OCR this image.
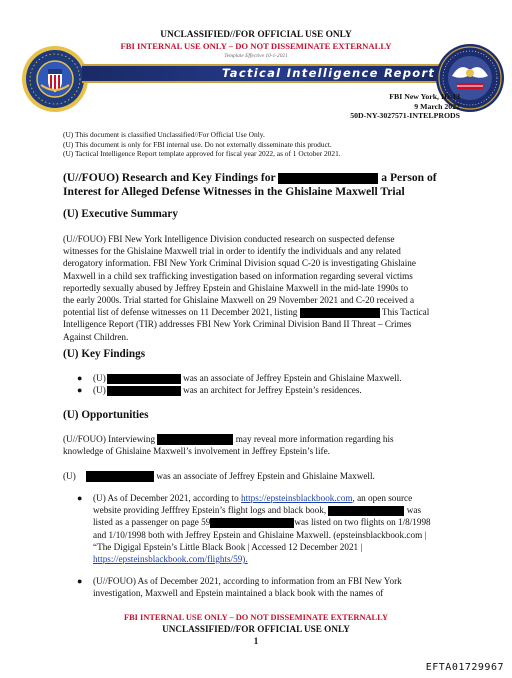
UNCLASSIFIED//FOR OFFICIAL USE ONLY
FBI INTERNAL USE ONLY – DO NOT DISSEMINATE EXTERNALLY
Template Effective 10-1-2021
Tactical Intelligence Report
FBI New York, ID-13
9 March 2022
50D-NY-3027571-INTELPRODS
(U) This document is classified Unclassified//For Official Use Only.
(U) This document is only for FBI internal use. Do not externally disseminate this product.
(U) Tactical Intelligence Report template approved for fiscal year 2022, as of 1 October 2021.
(U//FOUO) Research and Key Findings for	a Person of
Interest for Alleged Defense Witnesses in the Ghislaine Maxwell Trial
(U) Executive Summary
(U//FOUO) FBI New York Intelligence Division conducted research on suspected defense
witnesses for the Ghislaine Maxwell trial in order to identify the individuals and any related
derogatory information. FBI New York Criminal Division squad C-20 is investigating Ghislaine
Maxwell in a child sex trafficking investigation based on information regarding several victims
reportedly sexually abused by Jeffrey Epstein and Ghislaine Maxwell in the mid-late 1990s to
the early 2000s. Trial started for Ghislaine Maxwell on 29 November 2021 and C-20 received a
potential list of defense witnesses on 11 December 2021, listing	This Tactical
Intelligence Report (TIR) addresses FBI New York Criminal Division Band II Threat – Crimes
Against Children.
(U) Key Findings
● (U)	was an associate of Jeffrey Epstein and Ghislaine Maxwell.
● (U)	was an architect for Jeffrey Epstein’s residences.
(U) Opportunities
(U//FOUO) Interviewing	may reveal more information regarding his
knowledge of Ghislaine Maxwell’s involvement in Jeffrey Epstein’s life.
(U)	was an associate of Jeffrey Epstein and Ghislaine Maxwell.
● (U) As of December 2021, according to https://epsteinsblackbook.com, an open source
website providing Jefffrey Epstein’s flight logs and black book,	was
listed as a passenger on page 59	was listed on two flights on 1/8/1998
and 1/10/1998 both with Jeffrey Epstein and Ghislaine Maxwell. (epsteinsblackbook.com |
“The Digigal Epstein’s Little Black Book | Accessed 12 December 2021 |
https://epsteinsblackbook.com/flights/59).
● (U//FOUO) As of December 2021, according to information from an FBI New York
investigation, Maxwell and Epstein maintained a black book with the names of
FBI INTERNAL USE ONLY – DO NOT DISSEMINATE EXTERNALLY
UNCLASSIFIED//FOR OFFICIAL USE ONLY
1
EFTA01729967
